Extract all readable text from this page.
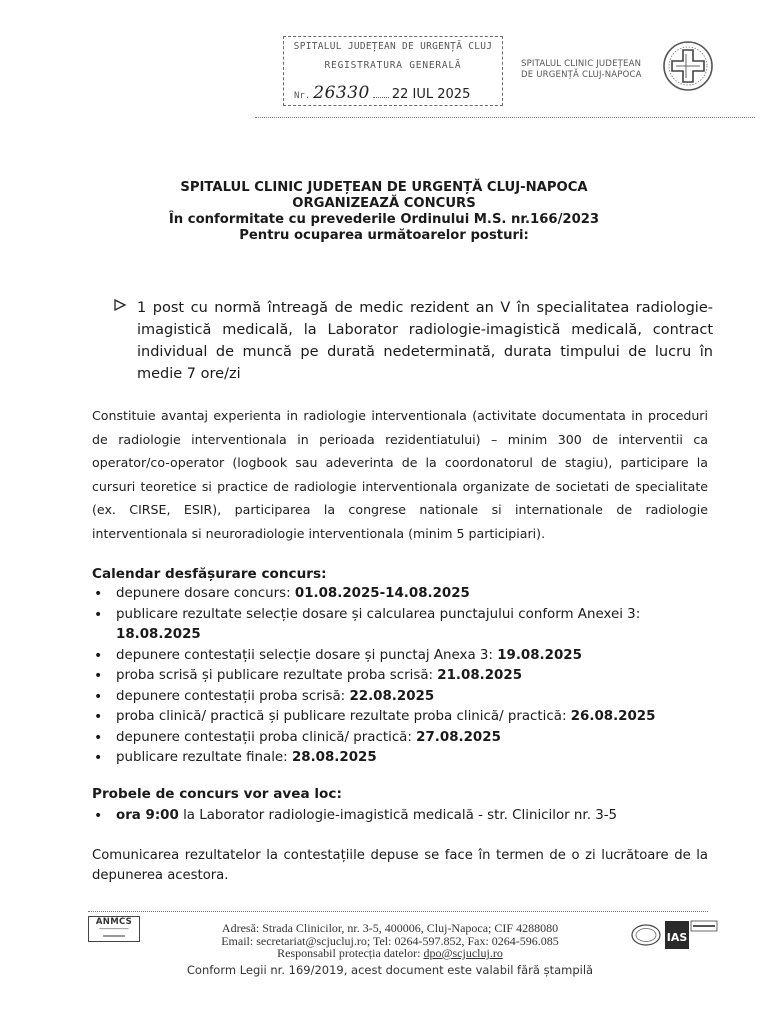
SPITALUL JUDEȚEAN DE URGENȚĂ CLUJ
REGISTRATURA GENERALĂ
Nr. 26330 22 IUL 2025
SPITALUL CLINIC JUDEȚEAN
DE URGENȚĂ CLUJ-NAPOCA
SPITALUL CLINIC JUDEȚEAN DE URGENȚĂ CLUJ-NAPOCA
ORGANIZEAZĂ CONCURS
În conformitate cu prevederile Ordinului M.S. nr.166/2023
Pentru ocuparea următoarelor posturi:
1 post cu normă întreagă de medic rezident an V în specialitatea radiologie-imagistică medicală, la Laborator radiologie-imagistică medicală, contract individual de muncă pe durată nedeterminată, durata timpului de lucru în medie 7 ore/zi
Constituie avantaj experienta in radiologie interventionala (activitate documentata in proceduri de radiologie interventionala in perioada rezidentiatului) – minim 300 de interventii ca operator/co-operator (logbook sau adeverinta de la coordonatorul de stagiu), participare la cursuri teoretice si practice de radiologie interventionala organizate de societati de specialitate (ex. CIRSE, ESIR), participarea la congrese nationale si internationale de radiologie interventionala si neuroradiologie interventionala (minim 5 participiari).
Calendar desfășurare concurs:
• depunere dosare concurs: 01.08.2025-14.08.2025
• publicare rezultate selecție dosare și calcularea punctajului conform Anexei 3:
18.08.2025
• depunere contestații selecție dosare și punctaj Anexa 3: 19.08.2025
• proba scrisă și publicare rezultate proba scrisă: 21.08.2025
• depunere contestații proba scrisă: 22.08.2025
• proba clinică/ practică și publicare rezultate proba clinică/ practică: 26.08.2025
• depunere contestații proba clinică/ practică: 27.08.2025
• publicare rezultate finale: 28.08.2025
Probele de concurs vor avea loc:
• ora 9:00 la Laborator radiologie-imagistică medicală - str. Clinicilor nr. 3-5
Comunicarea rezultatelor la contestațiile depuse se face în termen de o zi lucrătoare de la depunerea acestora.
ANMCS
────────
══════
Adresă: Strada Clinicilor, nr. 3-5, 400006, Cluj-Napoca; CIF 4288080
Email: secretariat@scjucluj.ro; Tel: 0264-597.852, Fax: 0264-596.085
Responsabil protecția datelor: dpo@scjucluj.ro
Conform Legii nr. 169/2019, acest document este valabil fără ștampilă
IAS
